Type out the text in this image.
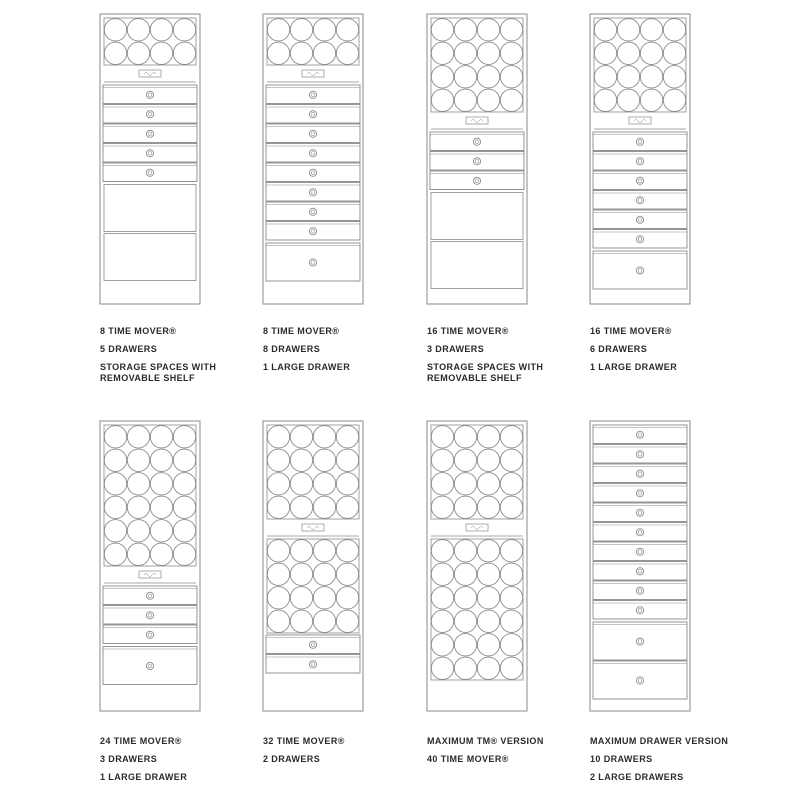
8 TIME MOVER®
5 DRAWERS
STORAGE SPACES WITH REMOVABLE SHELF
8 TIME MOVER®
8 DRAWERS
1 LARGE DRAWER
16 TIME MOVER®
3 DRAWERS
STORAGE SPACES WITH REMOVABLE SHELF
16 TIME MOVER®
6 DRAWERS
1 LARGE DRAWER
24 TIME MOVER®
3 DRAWERS
1 LARGE DRAWER
32 TIME MOVER®
2 DRAWERS
MAXIMUM TM® VERSION
40 TIME MOVER®
MAXIMUM DRAWER VERSION
10 DRAWERS
2 LARGE DRAWERS
